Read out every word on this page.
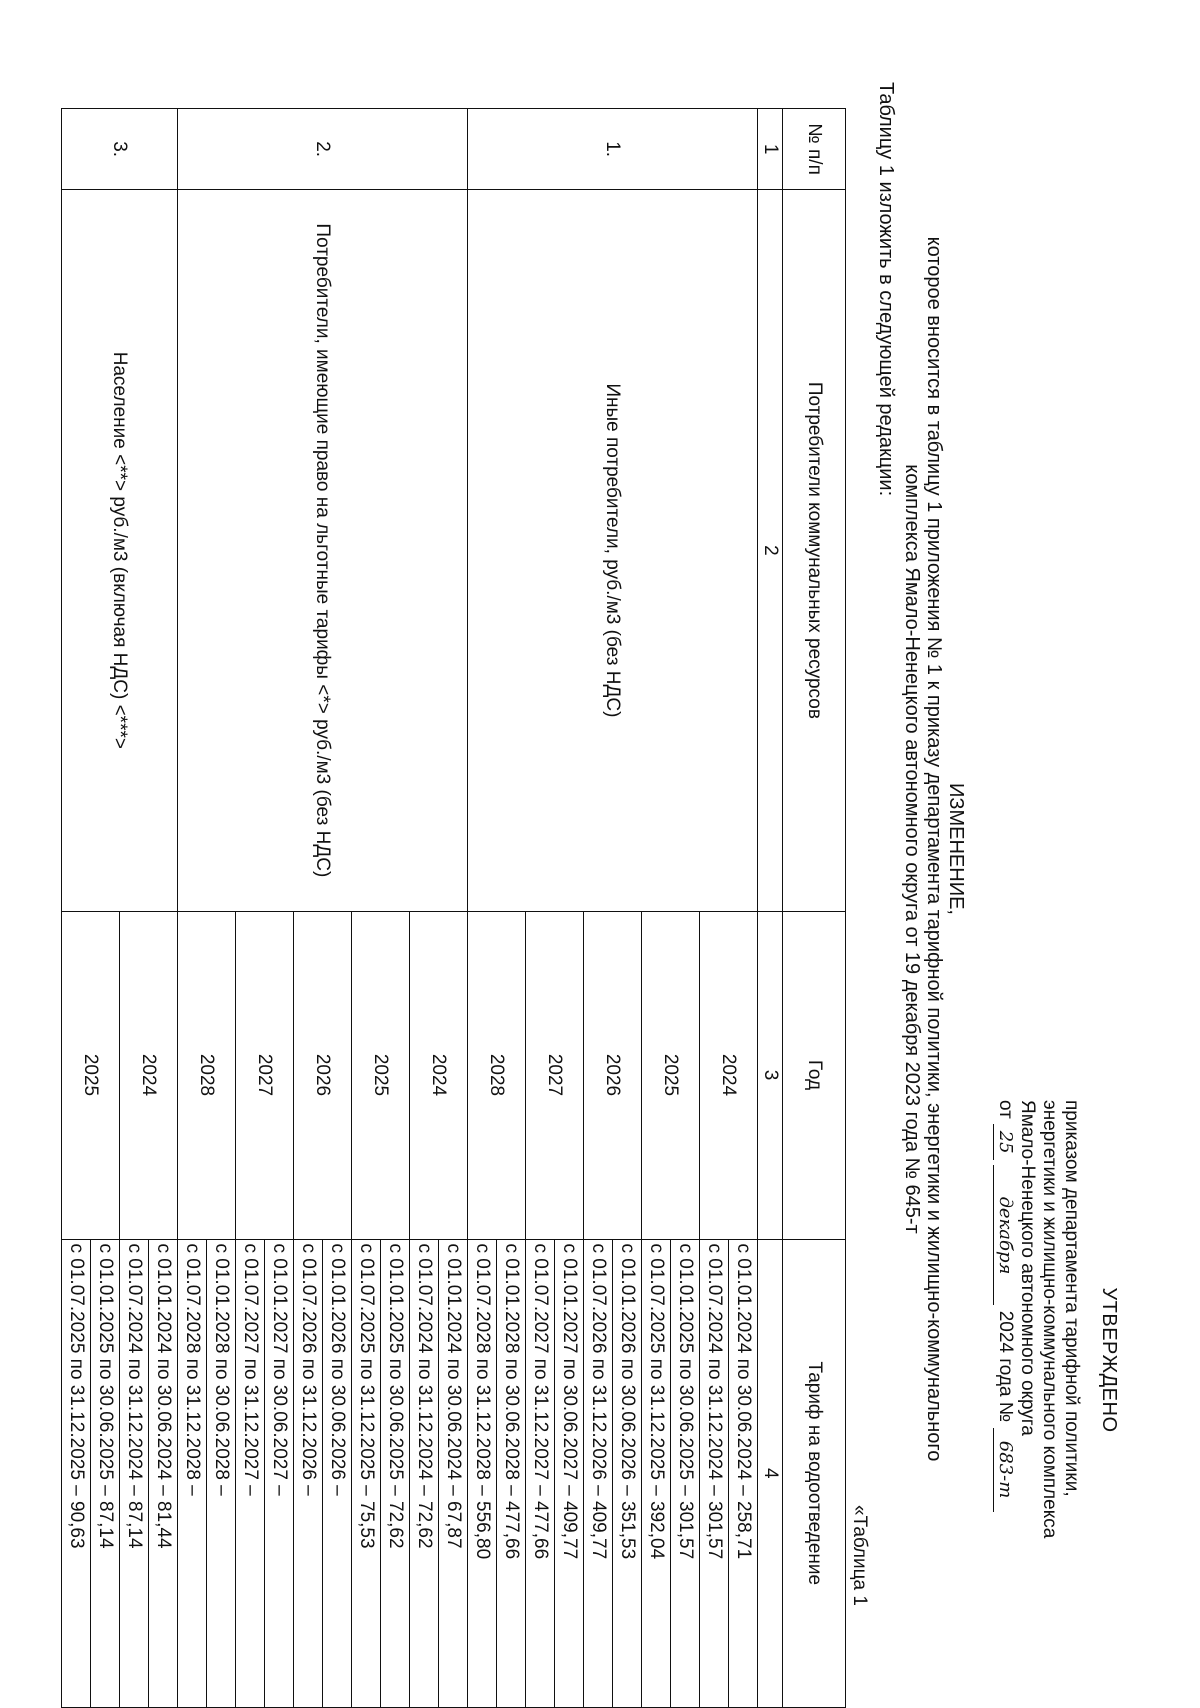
УТВЕРЖДЕНО
приказом департамента тарифной политики,
энергетики и жилищно-коммунального комплекса
Ямало-Ненецкого автономного округа
от 25 декабря 2024 года № 683-т
ИЗМЕНЕНИЕ,
которое вносится в таблицу 1 приложения № 1 к приказу департамента тарифной политики, энергетики и жилищно-коммунального
комплекса Ямало-Ненецкого автономного округа от 19 декабря 2023 года № 645-т
Таблицу 1 изложить в следующей редакции:
«Таблица 1
№ п/п	Потребители коммунальных ресурсов	Год	Тариф на водоотведение
1	2	3	4
1.	Иные потребители, руб./м3 (без НДС)	2024	с 01.01.2024 по 30.06.2024 – 258,71
			с 01.07.2024 по 31.12.2024 – 301,57
		2025	с 01.01.2025 по 30.06.2025 – 301,57
			с 01.07.2025 по 31.12.2025 – 392,04
		2026	с 01.01.2026 по 30.06.2026 – 351,53
			с 01.07.2026 по 31.12.2026 – 409,77
		2027	с 01.01.2027 по 30.06.2027 – 409,77
			с 01.07.2027 по 31.12.2027 – 477,66
		2028	с 01.01.2028 по 30.06.2028 – 477,66
			с 01.07.2028 по 31.12.2028 – 556,80
2.	Потребители, имеющие право на льготные тарифы <*> руб./м3 (без НДС)	2024	с 01.01.2024 по 30.06.2024 – 67,87
			с 01.07.2024 по 31.12.2024 – 72,62
		2025	с 01.01.2025 по 30.06.2025 – 72,62
			с 01.07.2025 по 31.12.2025 – 75,53
		2026	с 01.01.2026 по 30.06.2026 –
			с 01.07.2026 по 31.12.2026 –
		2027	с 01.01.2027 по 30.06.2027 –
			с 01.07.2027 по 31.12.2027 –
		2028	с 01.01.2028 по 30.06.2028 –
			с 01.07.2028 по 31.12.2028 –
3.	Население <**> руб./м3 (включая НДС) <***>	2024	с 01.01.2024 по 30.06.2024 – 81,44
			с 01.07.2024 по 31.12.2024 – 87,14
		2025	с 01.01.2025 по 30.06.2025 – 87,14
			с 01.07.2025 по 31.12.2025 – 90,63
